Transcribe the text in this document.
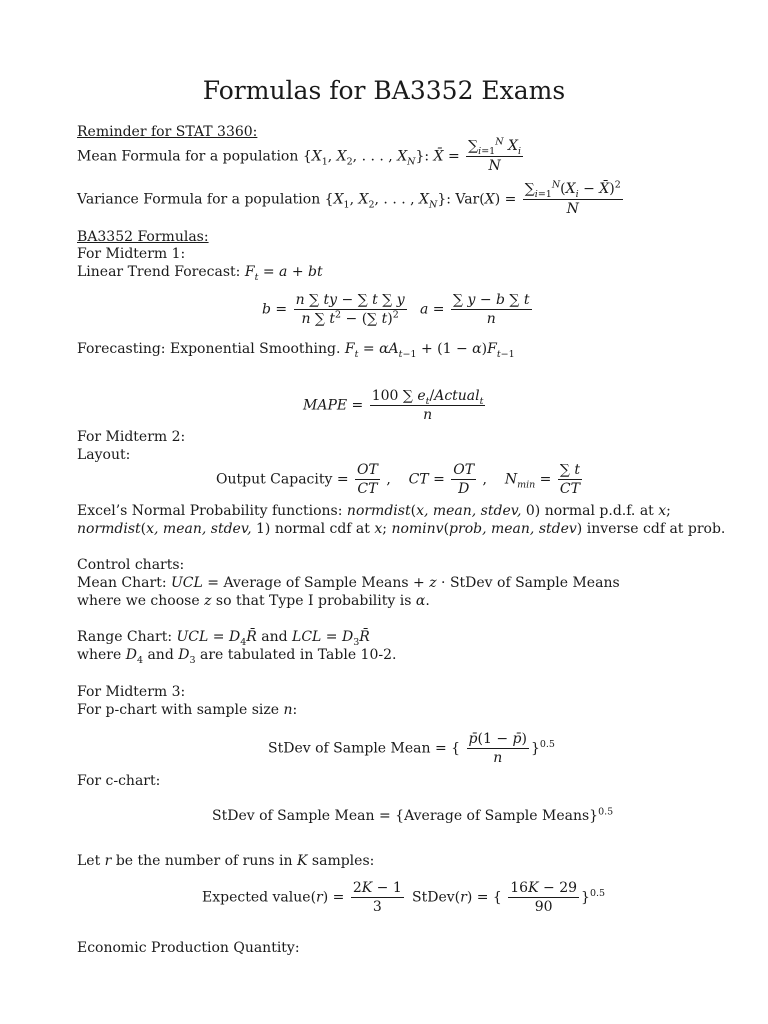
Formulas for BA3352 Exams
Reminder for STAT 3360:
Mean Formula for a population {$X_1$, $X_2$, . . . , $X_N$}: X̄ = $\frac{\sum_{i=1}^N X_i}{N}$
Variance Formula for a population {$X_1$, $X_2$, . . . , $X_N$}: $Var(X) = \frac{\sum_{i=1}^N(X_i - X̄)^2}{N}$
BA3352 Formulas:
For Midterm 1:
Linear Trend Forecast: $F_t = a$ + bt
$b = \frac{n \sum ty - \sum t \sum y}{n \sum t^2 - (\sum t)^2}$ $a = \frac{\sum y - b \sum t}{n}$
Forecasting: Exponential Smoothing. $F_t = \alpha A_{t-1} + (1 - \alpha)F_{t-1}$
MAPE = $\frac{100 \sum e_t/Actual_t}{n}$
For Midterm 2:
Layout:
Output Capacity = $\frac{OT}{CT}$ ,    CT = $\frac{OT}{D}$ ,    $N_{min} = \frac{\sum t}{CT}$
Excel’s Normal Probability functions: normdist(x, mean, stdev, 0) normal p.d.f. at x;
normdist(x, mean, stdev, 1) normal cdf at x; nominv(prob, mean, stdev) inverse cdf at prob.
Control charts:
Mean Chart: UCL = Average of Sample Means + z · StDev of Sample Means
where we choose z so that Type I probability is α.
Range Chart: UCL = $D_4R̄$ and LCL = $D_3R̄$
where $D_4$ and $D_3$ are tabulated in Table 10-2.
For Midterm 3:
For p-chart with sample size n:
StDev of Sample Mean = { $\frac{p̄(1 - p̄)}{n} \}^{0.5}$
For c-chart:
StDev of Sample Mean = {Average of Sample Means}$^{0.5}$
Let r be the number of runs in K samples:
Expected value(r) = $\frac{2K - 1}{3}$ StDev(r) = { $\frac{16K - 29}{90} \}^{0.5}$
Economic Production Quantity:
